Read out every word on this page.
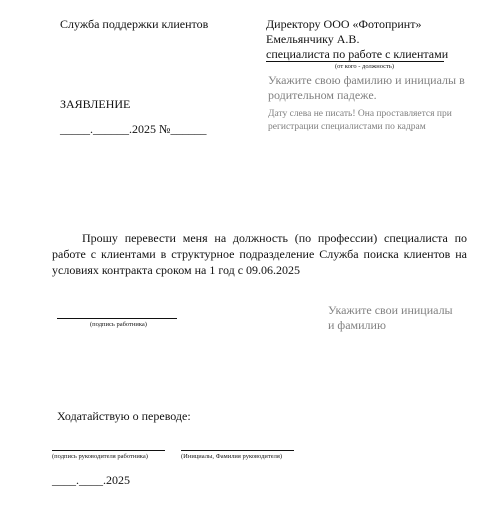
Служба поддержки клиентов
ЗАЯВЛЕНИЕ
_____.______.2025 №______
Директору ООО «Фотопринт»
Емельянчику А.В.
специалиста по работе с клиентами
(от кого - должность)
Укажите свою фамилию и инициалы в
родительном падеже.
Дату слева не писать! Она проставляется при
регистрации специалистами по кадрам
Прошу перевести меня на должность (по профессии) специалиста по работе с клиентами в структурное подразделение Служба поиска клиентов на условиях контракта сроком на 1 год с 09.06.2025
(подпись работника)
Укажите свои инициалы
и фамилию
Ходатайствую о переводе:
(подпись руководителя работника)	(Инициалы, Фамилия руководителя)
____.____.2025
